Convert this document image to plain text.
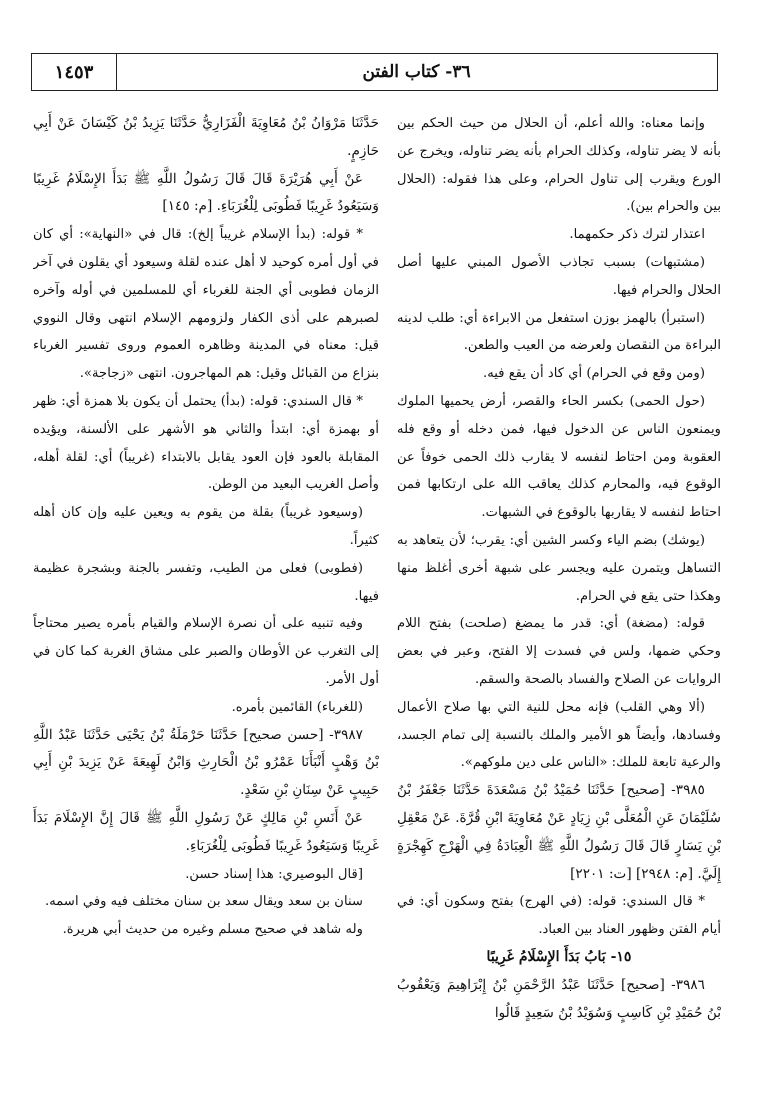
١٤٥٣	٣٦- كتاب الفتن

وإنما معناه: والله أعلم، أن الحلال من حيث الحكم بين بأنه لا يضر تناوله، وكذلك الحرام بأنه يضر تناوله، ويخرج عن الورع ويقرب إلى تناول الحرام، وعلى هذا فقوله: (الحلال بين والحرام بين).

اعتذار لترك ذكر حكمهما.

(مشتبهات) بسبب تجاذب الأصول المبني عليها أصل الحلال والحرام فيها.

(استبرأ) بالهمز بوزن استفعل من الابراءة أي: طلب لدينه البراءة من النقصان ولعرضه من العيب والطعن.

(ومن وقع في الحرام) أي كاد أن يقع فيه.

(حول الحمى) بكسر الحاء والقصر، أرض يحميها الملوك ويمنعون الناس عن الدخول فيها، فمن دخله أو وقع فله العقوبة ومن احتاط لنفسه لا يقارب ذلك الحمى خوفاً عن الوقوع فيه، والمحارم كذلك يعاقب الله على ارتكابها فمن احتاط لنفسه لا يقاربها بالوقوع في الشبهات.

(يوشك) بضم الياء وكسر الشين أي: يقرب؛ لأن يتعاهد به التساهل ويتمرن عليه ويجسر على شبهة أخرى أغلظ منها وهكذا حتى يقع في الحرام.

قوله: (مضغة) أي: قدر ما يمضغ (صلحت) بفتح اللام وحكي ضمها، ولس في فسدت إلا الفتح، وعبر في بعض الروايات عن الصلاح والفساد بالصحة والسقم.

(ألا وهي القلب) فإنه محل للنية التي بها صلاح الأعمال وفسادها، وأيضاً هو الأمير والملك بالنسبة إلى تمام الجسد، والرعية تابعة للملك: «الناس على دين ملوكهم».

٣٩٨٥- [صحيح] حَدَّثَنَا حُمَيْدُ بْنُ مَسْعَدَةَ حَدَّثَنَا جَعْفَرُ بْنُ سُلَيْمَانَ عَنِ الْمُعَلَّى بْنِ زِيَادٍ عَنْ مُعَاوِيَةَ ابْنِ قُرَّةَ. عَنْ مَعْقِلِ بْنِ يَسَارٍ قَالَ قَالَ رَسُولُ اللَّهِ ﷺ الْعِبَادَةُ فِي الْهَرْجِ كَهِجْرَةٍ إِلَيَّ. [م: ٢٩٤٨] [ت: ٢٢٠١]

* قال السندي: قوله: (في الهرج) بفتح وسكون أي: في أيام الفتن وظهور العناد بين العباد.

١٥- بَابُ بَدَأَ الإِسْلَامُ غَرِيبًا

٣٩٨٦- [صحيح] حَدَّثَنَا عَبْدُ الرَّحْمَنِ بْنُ إِبْرَاهِيمَ وَيَعْقُوبُ بْنُ حُمَيْدِ بْنِ كَاسِبٍ وَسُوَيْدُ بْنُ سَعِيدٍ قَالُوا

حَدَّثَنَا مَرْوَانُ بْنُ مُعَاوِيَةَ الْفَزَارِيُّ حَدَّثَنَا يَزِيدُ بْنُ كَيْسَانَ عَنْ أَبِي حَازِمٍ.

عَنْ أَبِي هُرَيْرَةَ قَالَ قَالَ رَسُولُ اللَّهِ ﷺ بَدَأَ الإِسْلَامُ غَرِيبًا وَسَيَعُودُ غَرِيبًا فَطُوبَى لِلْغُرَبَاءِ. [م: ١٤٥]

* قوله: (بدأ الإسلام غريباً إلخ): قال في «النهاية»: أي كان في أول أمره كوحيد لا أهل عنده لقلة وسيعود أي يقلون في آخر الزمان فطوبى أي الجنة للغرباء أي للمسلمين في أوله وآخره لصبرهم على أذى الكفار ولزومهم الإسلام انتهى وقال النووي قيل: معناه في المدينة وظاهره العموم وروى تفسير الغرباء بنزاع من القبائل وقيل: هم المهاجرون. انتهى «زجاجة».

* قال السندي: قوله: (بدأ) يحتمل أن يكون بلا همزة أي: ظهر أو بهمزة أي: ابتدأ والثاني هو الأشهر على الألسنة، ويؤيده المقابلة بالعود فإن العود يقابل بالابتداء (غريباً) أي: لقلة أهله، وأصل الغريب البعيد من الوطن.

(وسيعود غريباً) بقلة من يقوم به ويعين عليه وإن كان أهله كثيراً.

(فطوبى) فعلى من الطيب، وتفسر بالجنة وبشجرة عظيمة فيها.

وفيه تنبيه على أن نصرة الإسلام والقيام بأمره يصير محتاجاً إلى التغرب عن الأوطان والصبر على مشاق الغربة كما كان في أول الأمر.

(للغرباء) القائمين بأمره.

٣٩٨٧- [حسن صحيح] حَدَّثَنَا حَرْمَلَةُ بْنُ يَحْيَى حَدَّثَنَا عَبْدُ اللَّهِ بْنُ وَهْبٍ أَنْبَأَنَا عَمْرُو بْنُ الْحَارِثِ وَابْنُ لَهِيعَةَ عَنْ يَزِيدَ بْنِ أَبِي حَبِيبٍ عَنْ سِنَانِ بْنِ سَعْدٍ.

عَنْ أَنَسِ بْنِ مَالِكٍ عَنْ رَسُولِ اللَّهِ ﷺ قَالَ إِنَّ الإِسْلَامَ بَدَأَ غَرِيبًا وَسَيَعُودُ غَرِيبًا فَطُوبَى لِلْغُرَبَاءِ.

[قال البوصيري: هذا إسناد حسن.

سنان بن سعد ويقال سعد بن سنان مختلف فيه وفي اسمه.

وله شاهد في صحيح مسلم وغيره من حديث أبي هريرة.
